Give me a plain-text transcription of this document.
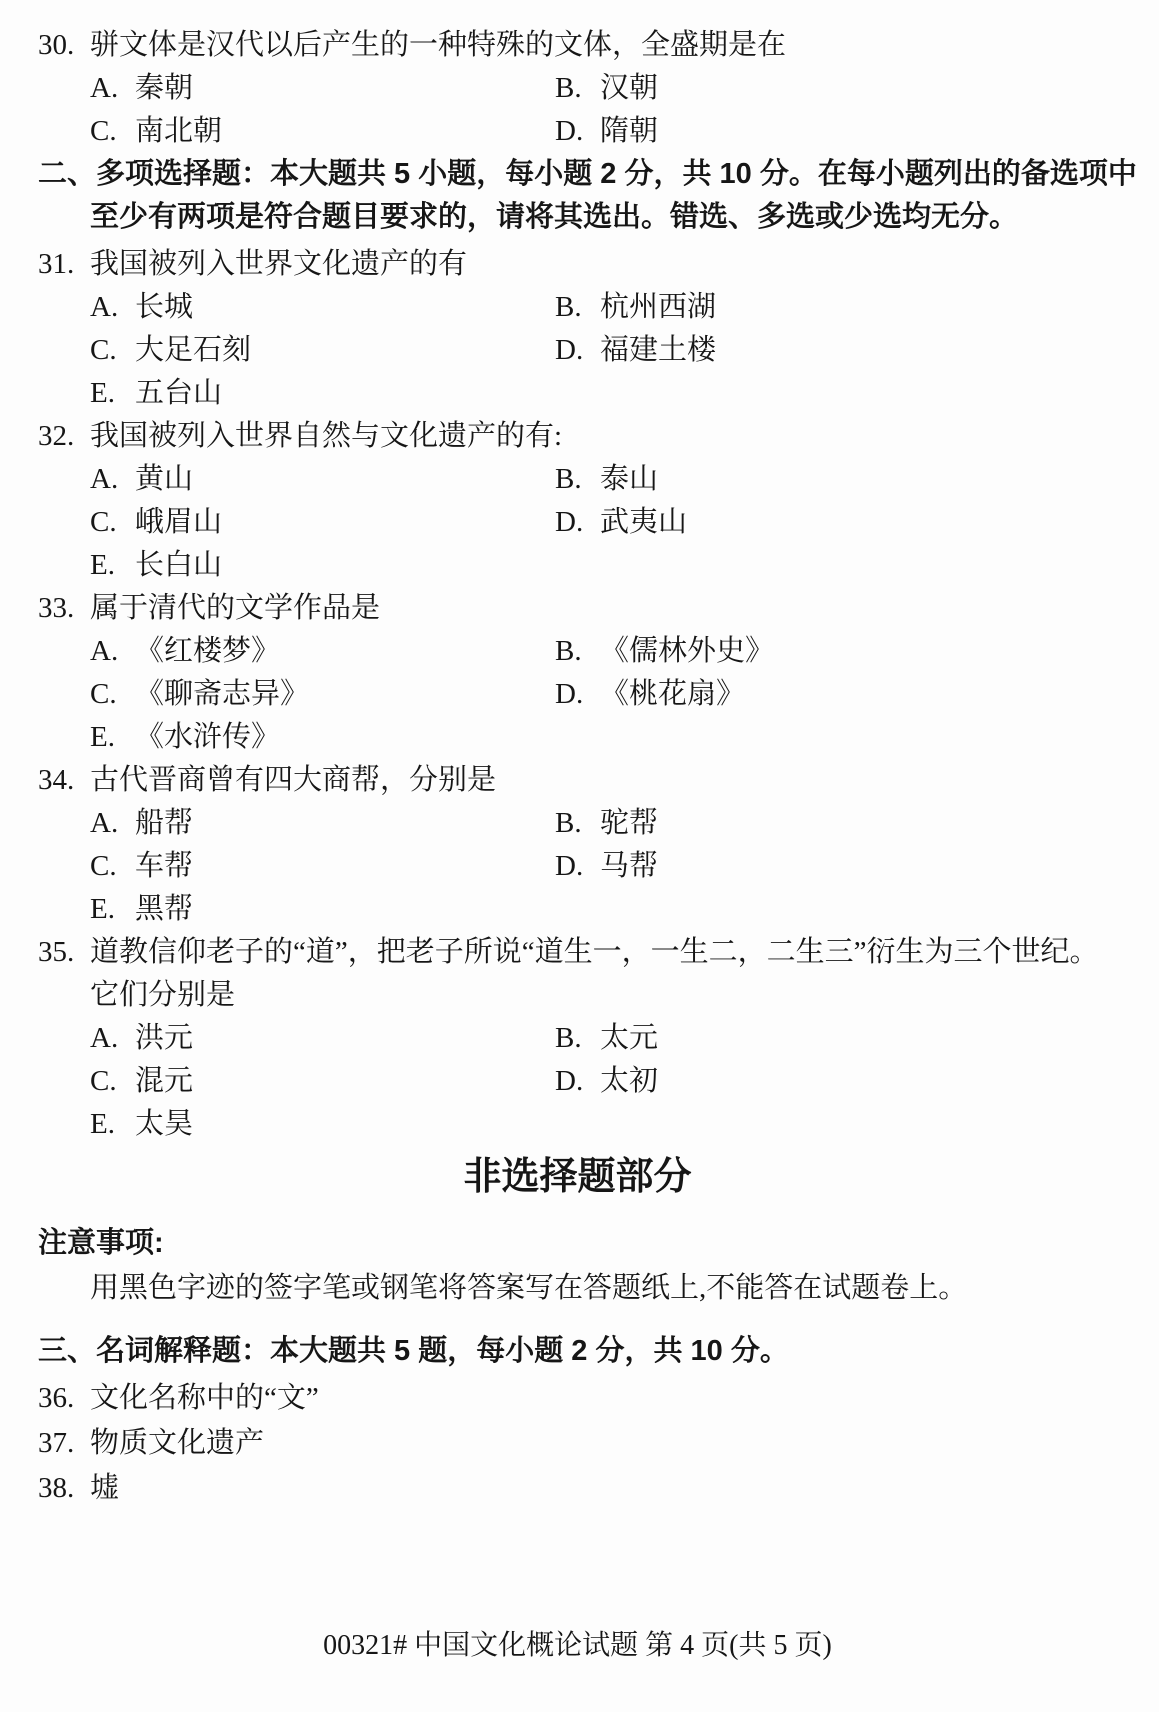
30. 骈文体是汉代以后产生的一种特殊的文体，全盛期是在
A. 秦朝	B. 汉朝
C. 南北朝	D. 隋朝
二、多项选择题：本大题共 5 小题，每小题 2 分，共 10 分。在每小题列出的备选项中
至少有两项是符合题目要求的，请将其选出。错选、多选或少选均无分。
31. 我国被列入世界文化遗产的有
A. 长城	B. 杭州西湖
C. 大足石刻	D. 福建土楼
E. 五台山
32. 我国被列入世界自然与文化遗产的有:
A. 黄山	B. 泰山
C. 峨眉山	D. 武夷山
E. 长白山
33. 属于清代的文学作品是
A. 《红楼梦》	B. 《儒林外史》
C. 《聊斋志异》	D. 《桃花扇》
E. 《水浒传》
34. 古代晋商曾有四大商帮，分别是
A. 船帮	B. 驼帮
C. 车帮	D. 马帮
E. 黑帮
35. 道教信仰老子的“道”，把老子所说“道生一，一生二，二生三”衍生为三个世纪。
它们分别是
A. 洪元	B. 太元
C. 混元	D. 太初
E. 太昊
非选择题部分
注意事项:
用黑色字迹的签字笔或钢笔将答案写在答题纸上,不能答在试题卷上。
三、名词解释题：本大题共 5 题，每小题 2 分，共 10 分。
36. 文化名称中的“文”
37. 物质文化遗产
38. 墟
00321# 中国文化概论试题 第 4 页(共 5 页)
